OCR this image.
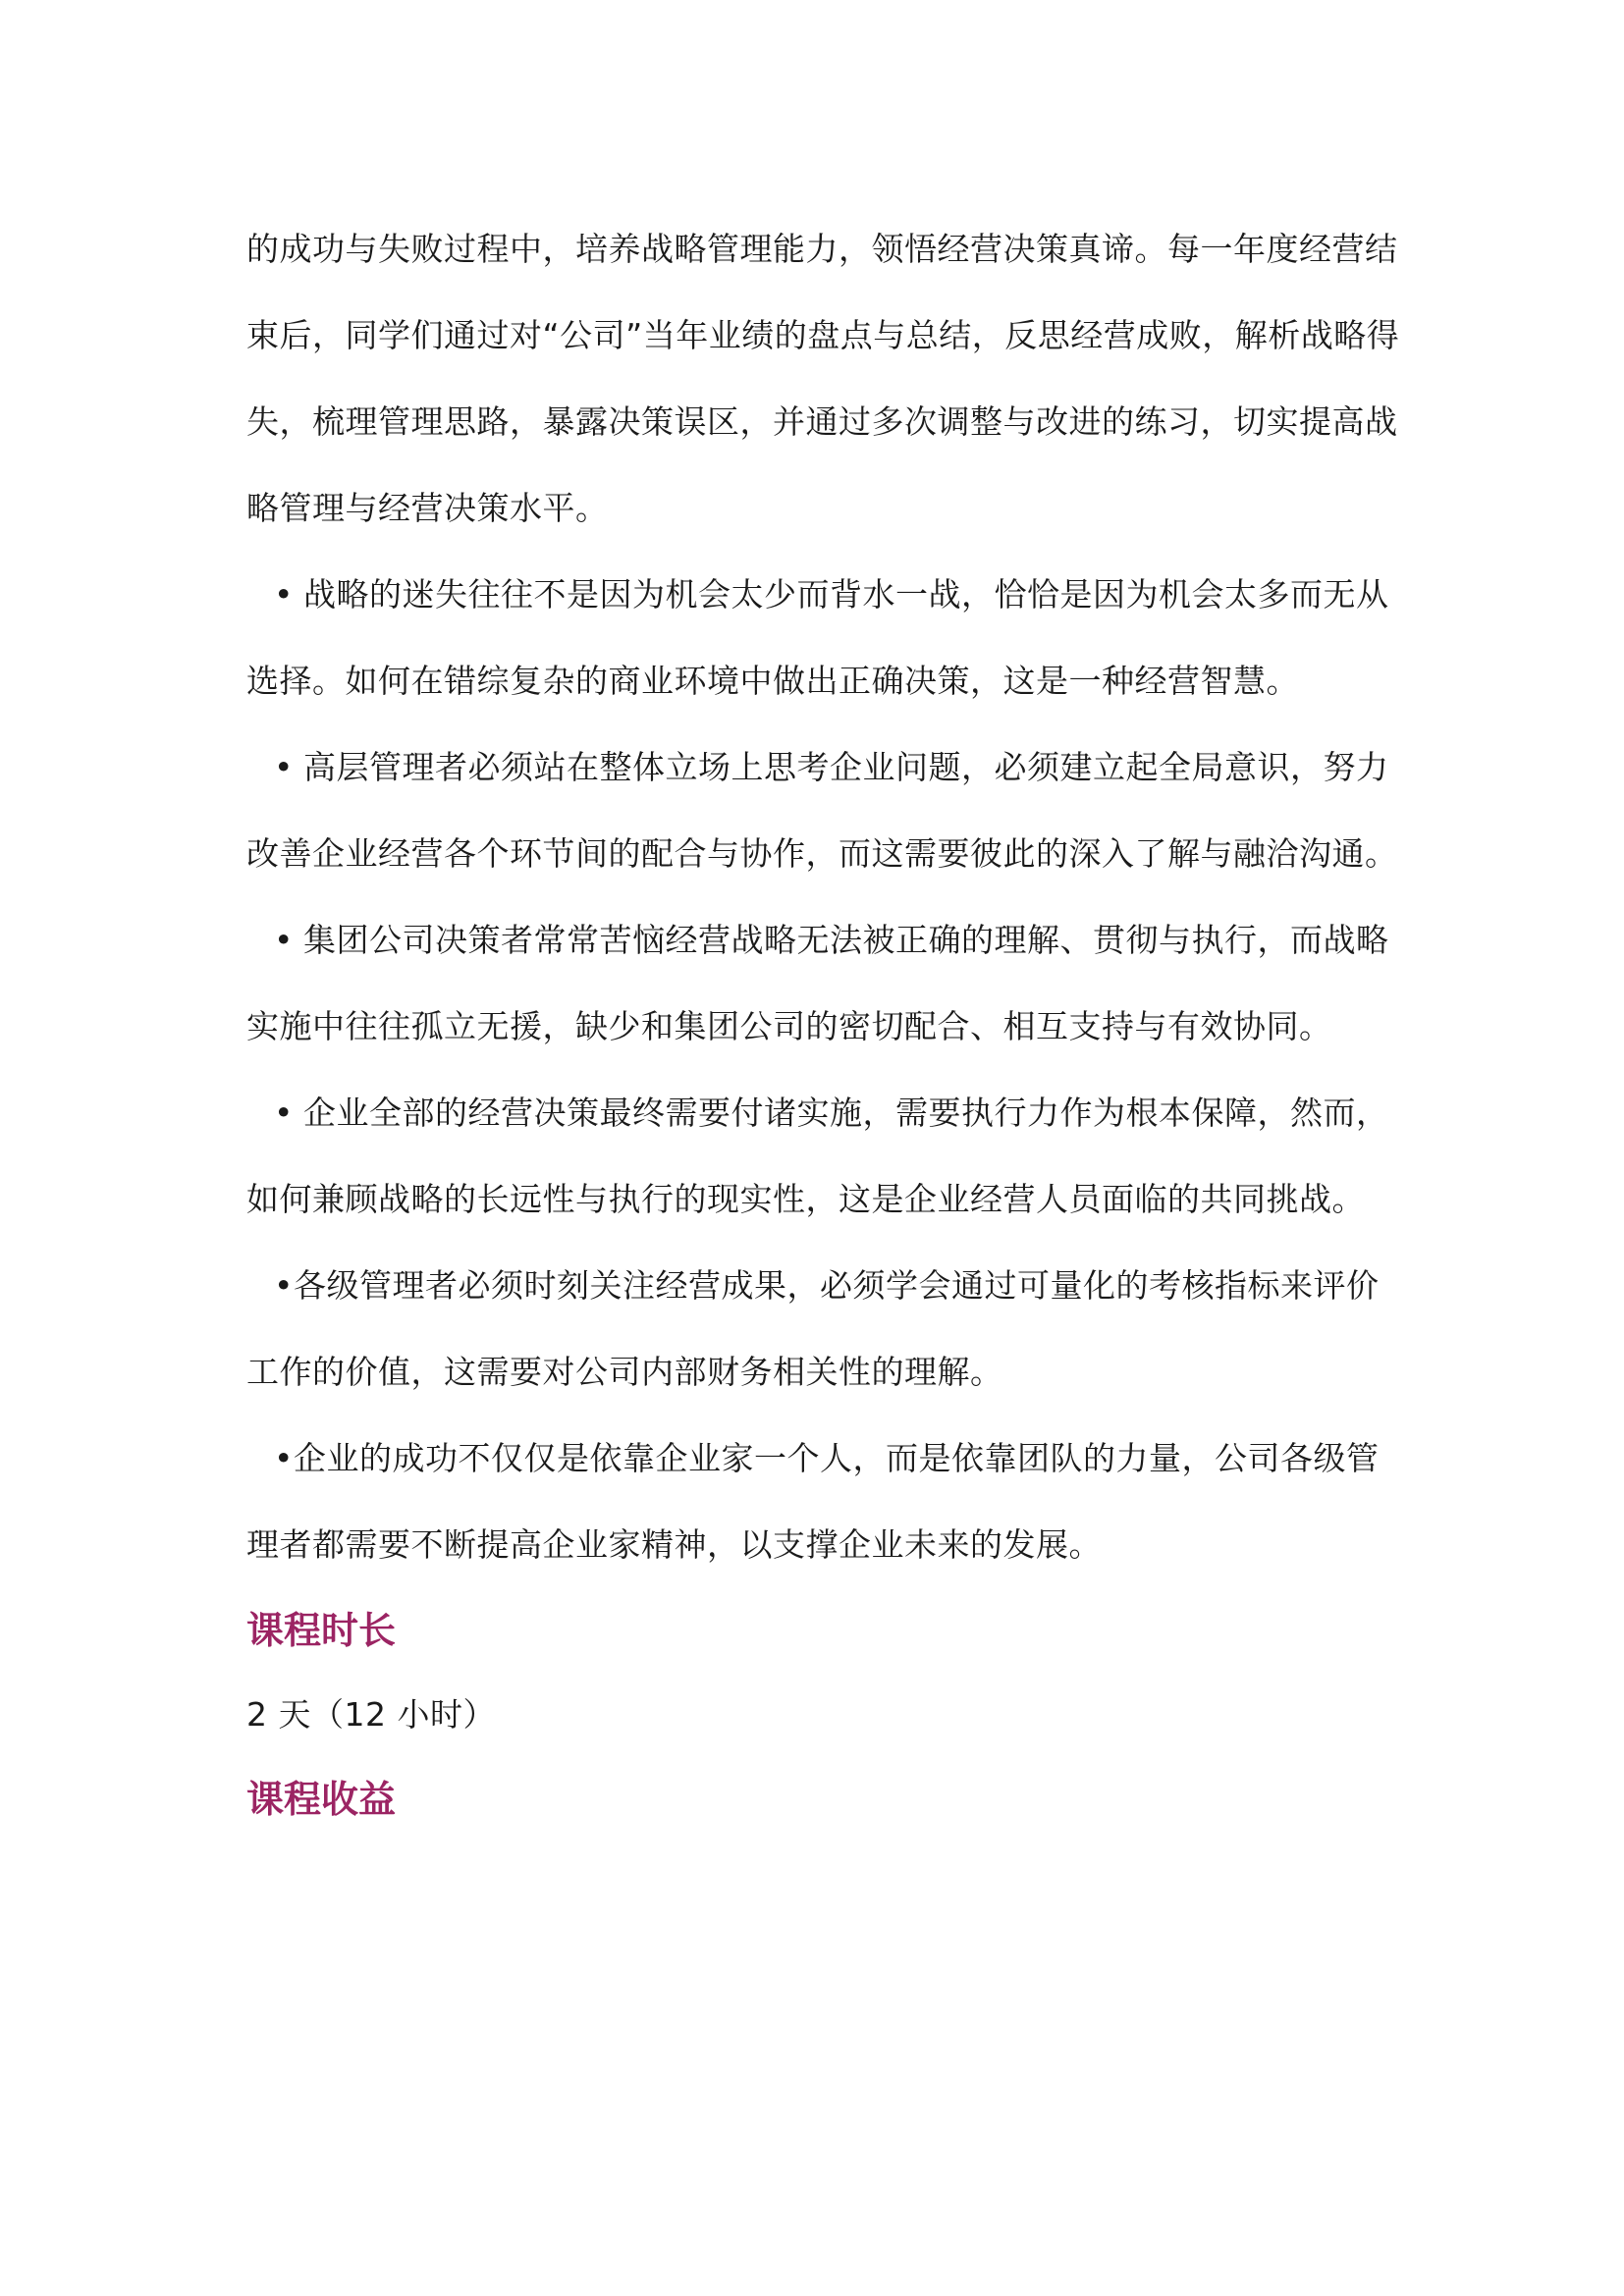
的成功与失败过程中，培养战略管理能力，领悟经营决策真谛。每一年度经营结束后，同学们通过对“公司”当年业绩的盘点与总结，反思经营成败，解析战略得失，梳理管理思路，暴露决策误区，并通过多次调整与改进的练习，切实提高战略管理与经营决策水平。

• 战略的迷失往往不是因为机会太少而背水一战，恰恰是因为机会太多而无从选择。如何在错综复杂的商业环境中做出正确决策，这是一种经营智慧。

• 高层管理者必须站在整体立场上思考企业问题，必须建立起全局意识，努力改善企业经营各个环节间的配合与协作，而这需要彼此的深入了解与融洽沟通。

• 集团公司决策者常常苦恼经营战略无法被正确的理解、贯彻与执行，而战略实施中往往孤立无援，缺少和集团公司的密切配合、相互支持与有效协同。

• 企业全部的经营决策最终需要付诸实施，需要执行力作为根本保障，然而，如何兼顾战略的长远性与执行的现实性，这是企业经营人员面临的共同挑战。

•各级管理者必须时刻关注经营成果，必须学会通过可量化的考核指标来评价工作的价值，这需要对公司内部财务相关性的理解。

•企业的成功不仅仅是依靠企业家一个人，而是依靠团队的力量，公司各级管理者都需要不断提高企业家精神，以支撑企业未来的发展。

课程时长

2 天（12 小时）

课程收益
